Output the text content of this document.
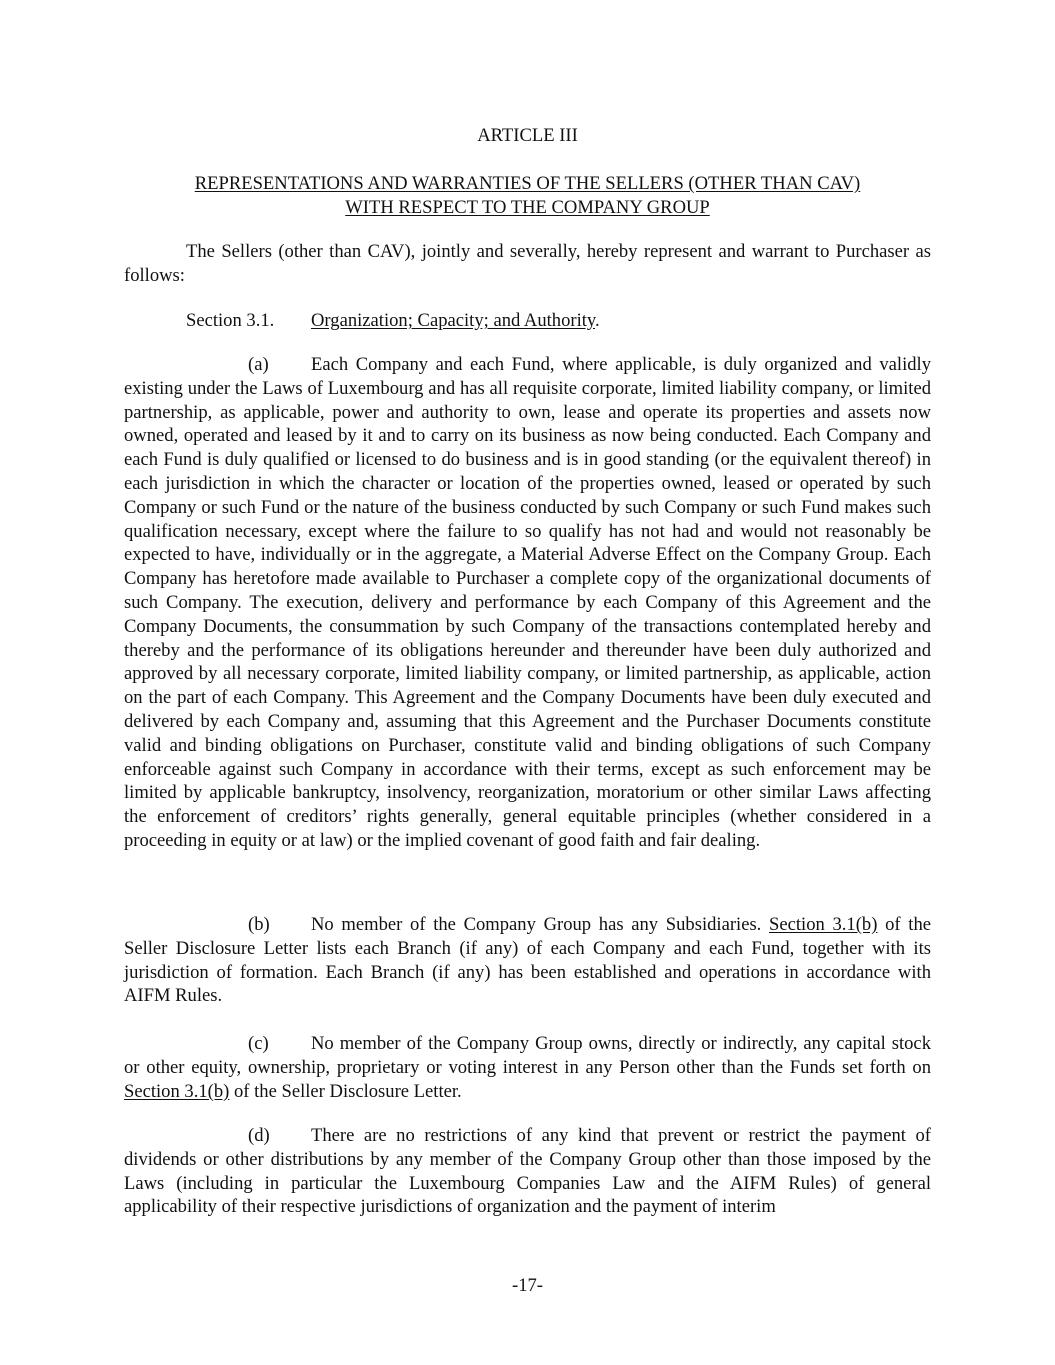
ARTICLE III
REPRESENTATIONS AND WARRANTIES OF THE SELLERS (OTHER THAN CAV)
WITH RESPECT TO THE COMPANY GROUP
The Sellers (other than CAV), jointly and severally, hereby represent and warrant to Purchaser as follows:
Section 3.1. Organization; Capacity; and Authority.
(a) Each Company and each Fund, where applicable, is duly organized and validly existing under the Laws of Luxembourg and has all requisite corporate, limited liability company, or limited partnership, as applicable, power and authority to own, lease and operate its properties and assets now owned, operated and leased by it and to carry on its business as now being conducted. Each Company and each Fund is duly qualified or licensed to do business and is in good standing (or the equivalent thereof) in each jurisdiction in which the character or location of the properties owned, leased or operated by such Company or such Fund or the nature of the business conducted by such Company or such Fund makes such qualification necessary, except where the failure to so qualify has not had and would not reasonably be expected to have, individually or in the aggregate, a Material Adverse Effect on the Company Group. Each Company has heretofore made available to Purchaser a complete copy of the organizational documents of such Company. The execution, delivery and performance by each Company of this Agreement and the Company Documents, the consummation by such Company of the transactions contemplated hereby and thereby and the performance of its obligations hereunder and thereunder have been duly authorized and approved by all necessary corporate, limited liability company, or limited partnership, as applicable, action on the part of each Company. This Agreement and the Company Documents have been duly executed and delivered by each Company and, assuming that this Agreement and the Purchaser Documents constitute valid and binding obligations on Purchaser, constitute valid and binding obligations of such Company enforceable against such Company in accordance with their terms, except as such enforcement may be limited by applicable bankruptcy, insolvency, reorganization, moratorium or other similar Laws affecting the enforcement of creditors’ rights generally, general equitable principles (whether considered in a proceeding in equity or at law) or the implied covenant of good faith and fair dealing.
(b) No member of the Company Group has any Subsidiaries. Section 3.1(b) of the Seller Disclosure Letter lists each Branch (if any) of each Company and each Fund, together with its jurisdiction of formation. Each Branch (if any) has been established and operations in accordance with AIFM Rules.
(c) No member of the Company Group owns, directly or indirectly, any capital stock or other equity, ownership, proprietary or voting interest in any Person other than the Funds set forth on Section 3.1(b) of the Seller Disclosure Letter.
(d) There are no restrictions of any kind that prevent or restrict the payment of dividends or other distributions by any member of the Company Group other than those imposed by the Laws (including in particular the Luxembourg Companies Law and the AIFM Rules) of general applicability of their respective jurisdictions of organization and the payment of interim
-17-
